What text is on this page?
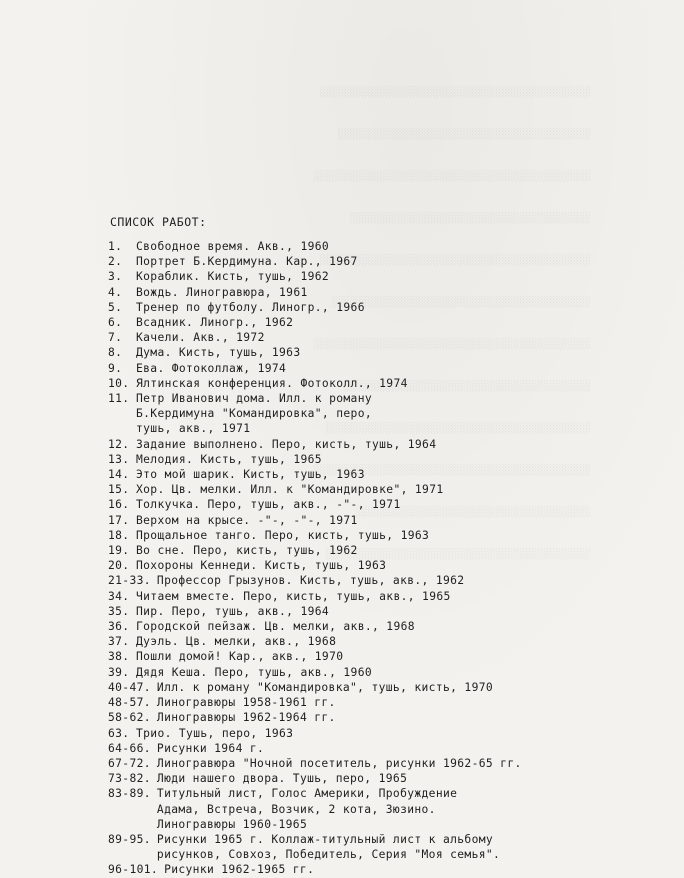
░░░░░░░░░░░░░░░░░░░░░░░░░░░░░░░░░░░░░░░░░░░░░

░░░░░░░░░░░░░░░░░░░░░░░░░░░░░░░░░░░░░░░░░░

░░░░░░░░░░░░░░░░░░░░░░░░░░░░░░░░░░░░░░░░░░░░░░

░░░░░░░░░░░░░░░░░░░░░░░░░░░░░░░░░░░░░░░░

░░░░░░░░░░░░░░░░░░░░░░░░░░░░░░░░░░░░░░░░░░░░░

░░░░░░░░░░░░░░░░░░░░░░░░░░░░░░░░░░░░░░░░░░░

░░░░░░░░░░░░░░░░░░░░░░░░░░░░░░░░░░░░░░░░░░░░░░

░░░░░░░░░░░░░░░░░░░░░░░░░░░░░░░░░░░░░░░░░

░░░░░░░░░░░░░░░░░░░░░░░░░░░░░░░░░░░░░░░░░░░░

░░░░░░░░░░░░░░░░░░░░░░░░░░░░░░░░░░░░░░░░░░░░░░

░░░░░░░░░░░░░░░░░░░░░░░░░░░░░░░░░░░░░░░

░░░░░░░░░░░░░░░░░░░░░░░░░░░░░░░░░░░░░░░░░░░░

СПИСОК РАБОТ:
1.	Свободное время. Акв., 1960
2.	Портрет Б.Кердимуна. Кар., 1967
3.	Кораблик. Кисть, тушь, 1962
4.	Вождь. Линогравюра, 1961
5.	Тренер по футболу. Линогр., 1966
6.	Всадник. Линогр., 1962
7.	Качели. Акв., 1972
8.	Дума. Кисть, тушь, 1963
9.	Ева. Фотоколлаж, 1974
10. Ялтинская конференция. Фотоколл., 1974
11. Петр Иванович дома. Илл. к роману
Б.Кердимуна "Командировка", перо,
тушь, акв., 1971
12. Задание выполнено. Перо, кисть, тушь, 1964
13. Мелодия. Кисть, тушь, 1965
14. Это мой шарик. Кисть, тушь, 1963
15. Хор. Цв. мелки. Илл. к "Командировке", 1971
16. Толкучка. Перо, тушь, акв., -"-, 1971
17. Верхом на крысе. -"-, -"-, 1971
18. Прощальное танго. Перо, кисть, тушь, 1963
19. Во сне. Перо, кисть, тушь, 1962
20. Похороны Кеннеди. Кисть, тушь, 1963
21-33. Профессор Грызунов. Кисть, тушь, акв., 1962
34. Читаем вместе. Перо, кисть, тушь, акв., 1965
35. Пир. Перо, тушь, акв., 1964
36. Городской пейзаж. Цв. мелки, акв., 1968
37. Дуэль. Цв. мелки, акв., 1968
38. Пошли домой! Кар., акв., 1970
39. Дядя Кеша. Перо, тушь, акв., 1960
40-47. Илл. к роману "Командировка", тушь, кисть, 1970
48-57. Линогравюры 1958-1961 гг.
58-62. Линогравюры 1962-1964 гг.
63. Трио. Тушь, перо, 1963
64-66. Рисунки 1964 г.
67-72. Линогравюра "Ночной посетитель, рисунки 1962-65 гг.
73-82. Люди нашего двора. Тушь, перо, 1965
83-89. Титульный лист, Голос Америки, Пробуждение
Адама, Встреча, Возчик, 2 кота, Зюзино.
Линогравюры 1960-1965
89-95. Рисунки 1965 г. Коллаж-титульный лист к альбому
рисунков, Совхоз, Победитель, Серия "Моя семья".
96-101. Рисунки 1962-1965 гг.
